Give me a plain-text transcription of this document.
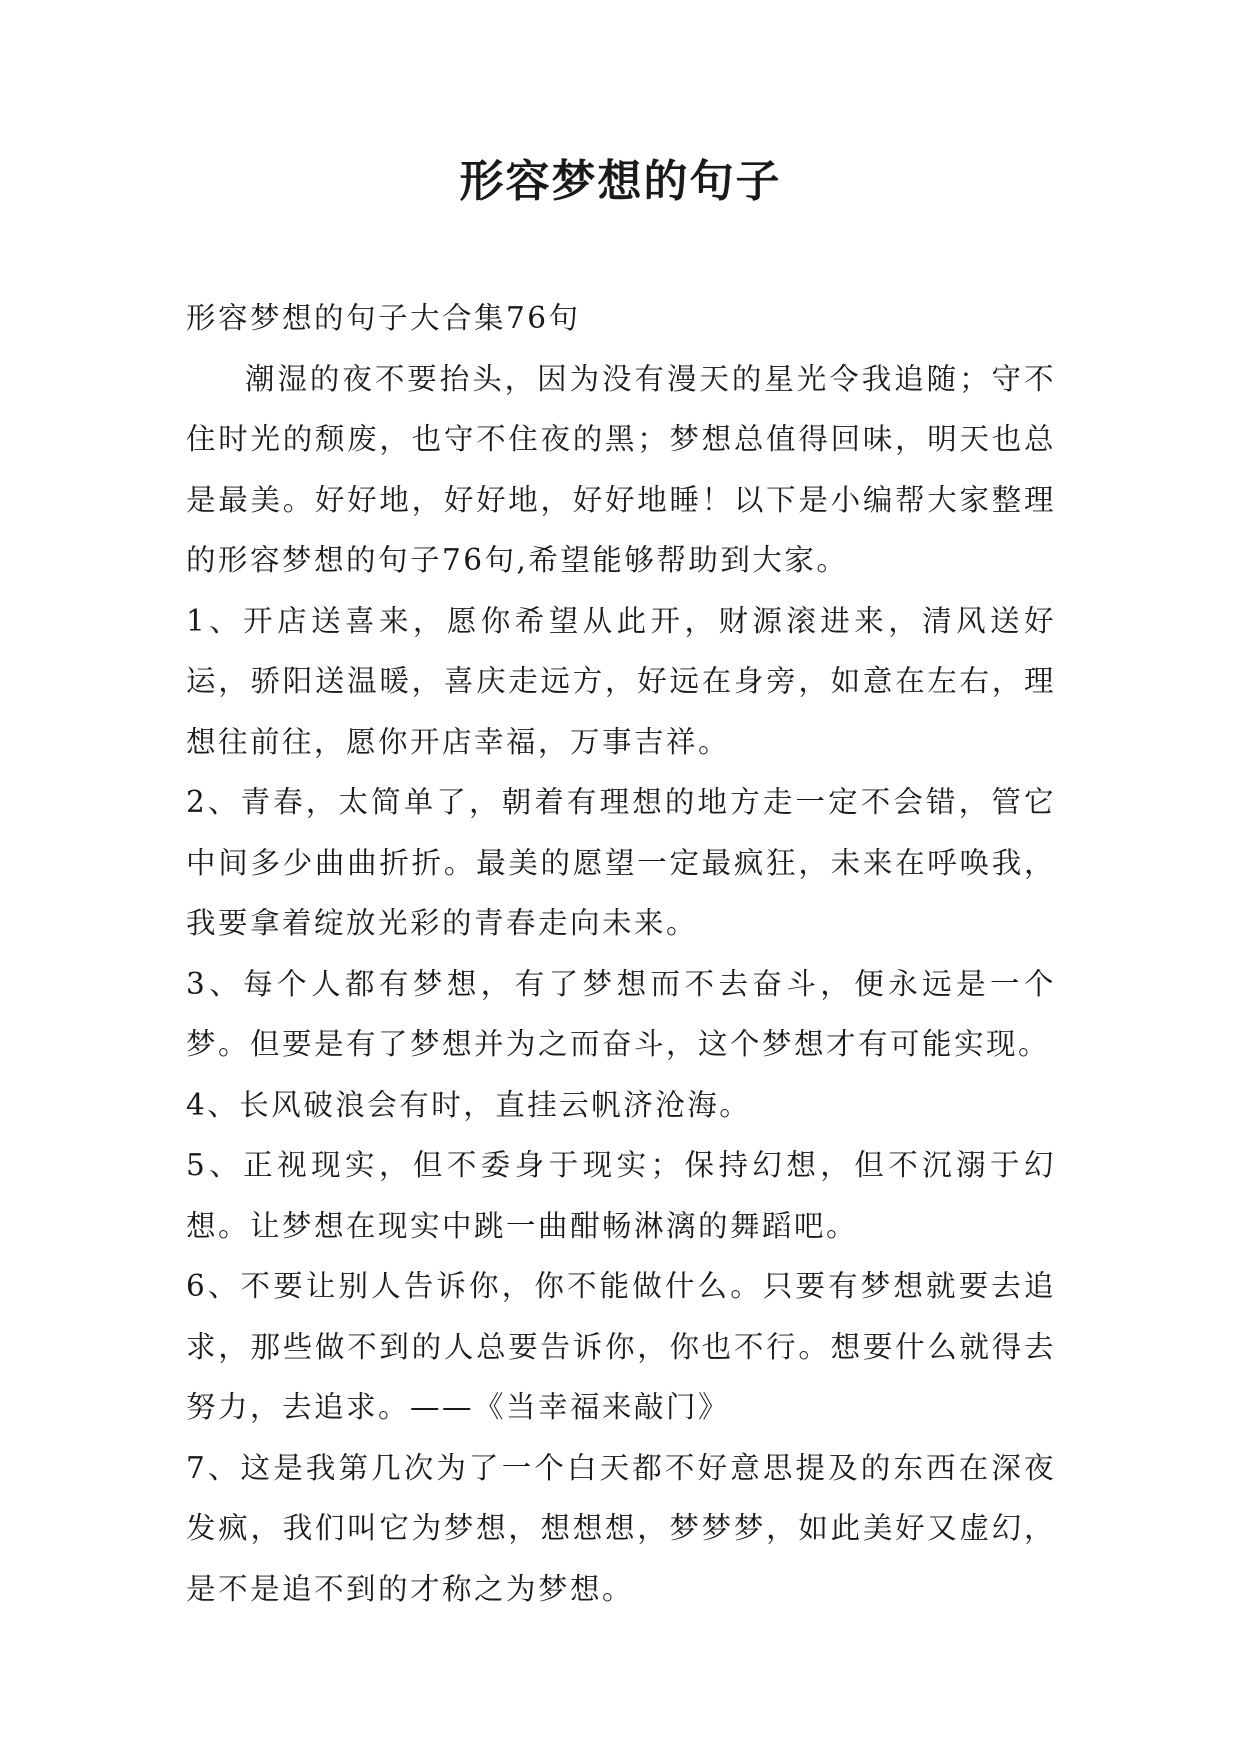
形容梦想的句子

形容梦想的句子大合集76句

潮湿的夜不要抬头，因为没有漫天的星光令我追随；守不住时光的颓废，也守不住夜的黑；梦想总值得回味，明天也总是最美。好好地，好好地，好好地睡！以下是小编帮大家整理的形容梦想的句子76句,希望能够帮助到大家。

1、开店送喜来，愿你希望从此开，财源滚进来，清风送好运，骄阳送温暖，喜庆走远方，好远在身旁，如意在左右，理想往前往，愿你开店幸福，万事吉祥。

2、青春，太简单了，朝着有理想的地方走一定不会错，管它中间多少曲曲折折。最美的愿望一定最疯狂，未来在呼唤我，我要拿着绽放光彩的青春走向未来。

3、每个人都有梦想，有了梦想而不去奋斗，便永远是一个梦。但要是有了梦想并为之而奋斗，这个梦想才有可能实现。

4、长风破浪会有时，直挂云帆济沧海。

5、正视现实，但不委身于现实；保持幻想，但不沉溺于幻想。让梦想在现实中跳一曲酣畅淋漓的舞蹈吧。

6、不要让别人告诉你，你不能做什么。只要有梦想就要去追求，那些做不到的人总要告诉你，你也不行。想要什么就得去努力，去追求。——《当幸福来敲门》

7、这是我第几次为了一个白天都不好意思提及的东西在深夜发疯，我们叫它为梦想，想想想，梦梦梦，如此美好又虚幻，是不是追不到的才称之为梦想。
